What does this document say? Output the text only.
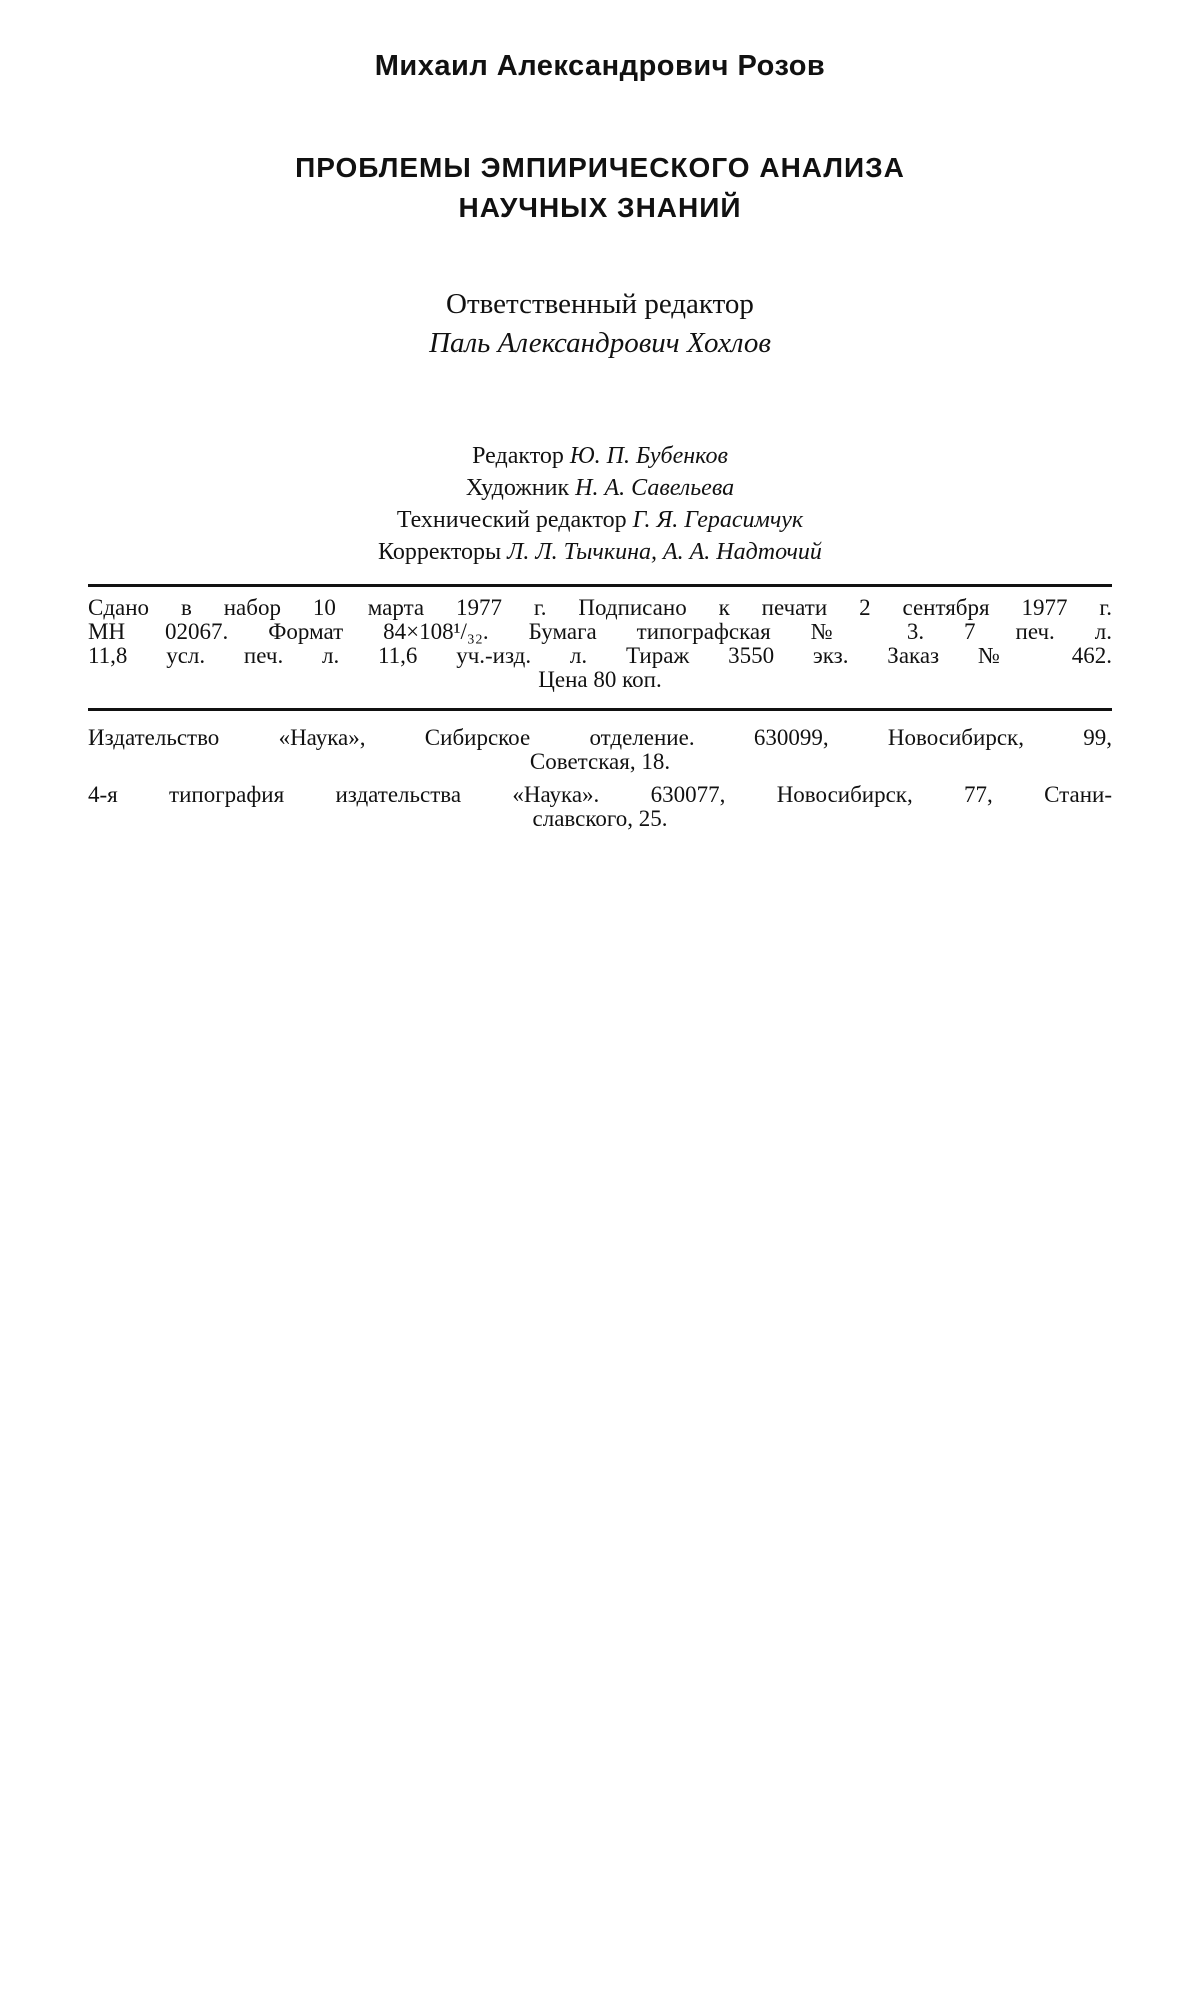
Михаил Александрович Розов
ПРОБЛЕМЫ ЭМПИРИЧЕСКОГО АНАЛИЗА
НАУЧНЫХ ЗНАНИЙ
Ответственный редактор
Паль Александрович Хохлов
Редактор Ю. П. Бубенков
Художник Н. А. Савельева
Технический редактор Г. Я. Герасимчук
Корректоры Л. Л. Тычкина, А. А. Надточий
Сдано в набор 10 марта 1977 г. Подписано к печати 2 сентября 1977 г.
МН 02067. Формат 84×108¹/₃₂. Бумага типографская № 3. 7 печ. л.
11,8 усл. печ. л. 11,6 уч.-изд. л. Тираж 3550 экз. Заказ № 462.
Цена 80 коп.
Издательство «Наука», Сибирское отделение. 630099, Новосибирск, 99,
Советская, 18.
4-я типография издательства «Наука». 630077, Новосибирск, 77, Стани-
славского, 25.
